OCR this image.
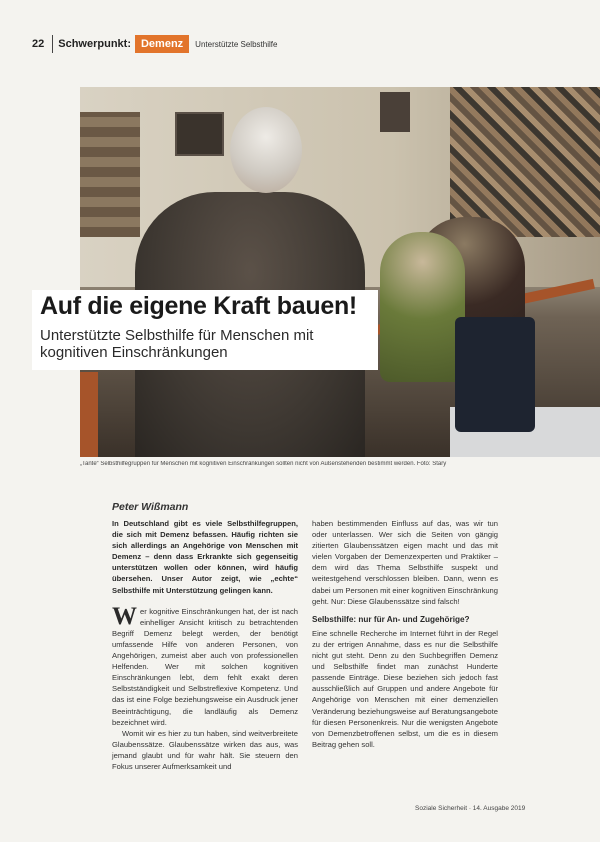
22 Schwerpunkt: Demenz	Unterstützte Selbsthilfe
Auf die eigene Kraft bauen!
Unterstützte Selbsthilfe für Menschen mit kognitiven Einschränkungen
„Tante“ Selbsthilfegruppen für Menschen mit kognitiven Einschränkungen sollten nicht von Außenstehenden bestimmt werden. Foto: Stary
Peter Wißmann

In Deutschland gibt es viele Selbsthilfegruppen, die sich mit Demenz befassen. Häufig richten sie sich allerdings an Angehörige von Menschen mit Demenz – denn dass Erkrankte sich gegenseitig unterstützen wollen oder können, wird häufig übersehen. Unser Autor zeigt, wie „echte“ Selbsthilfe mit Unterstützung gelingen kann.

Wer kognitive Einschränkungen hat, der ist nach einhelliger Ansicht kritisch zu betrachtenden Begriff Demenz belegt werden, der benötigt umfassende Hilfe von anderen Personen, von Angehörigen, zumeist aber auch von professionellen Helfenden. Wer mit solchen kognitiven Einschränkungen lebt, dem fehlt exakt deren Selbstständigkeit und Selbstreflexive Kompetenz. Und das ist eine Folge beziehungsweise ein Ausdruck jener Beeinträchtigung, die landläufig als Demenz bezeichnet wird.

Womit wir es hier zu tun haben, sind weitverbreitete Glaubenssätze. Glaubenssätze wirken das aus, was jemand glaubt und für wahr hält. Sie steuern den Fokus unserer Aufmerksamkeit und

haben bestimmenden Einfluss auf das, was wir tun oder unterlassen. Wer sich die Seiten von gängig zitierten Glaubenssätzen eigen macht und das mit vielen Vorgaben der Demenzexperten und Praktiker – dem wird das Thema Selbsthilfe suspekt und weitestgehend verschlossen bleiben. Dann, wenn es dabei um Personen mit einer kognitiven Einschränkung geht. Nur: Diese Glaubenssätze sind falsch!

Selbsthilfe: nur für An- und Zugehörige?

Eine schnelle Recherche im Internet führt in der Regel zu der ertrigen Annahme, dass es nur die Selbsthilfe nicht gut steht. Denn zu den Suchbegriffen Demenz und Selbsthilfe findet man zunächst Hunderte passende Einträge. Diese beziehen sich jedoch fast ausschließlich auf Gruppen und andere Angebote für Angehörige von Menschen mit einer demenziellen Veränderung beziehungsweise auf Beratungsangebote für diesen Personenkreis. Nur die wenigsten Angebote von Demenzbetroffenen selbst, um die es in diesem Beitrag gehen soll.

Soziale Sicherheit · 14. Ausgabe 2019
